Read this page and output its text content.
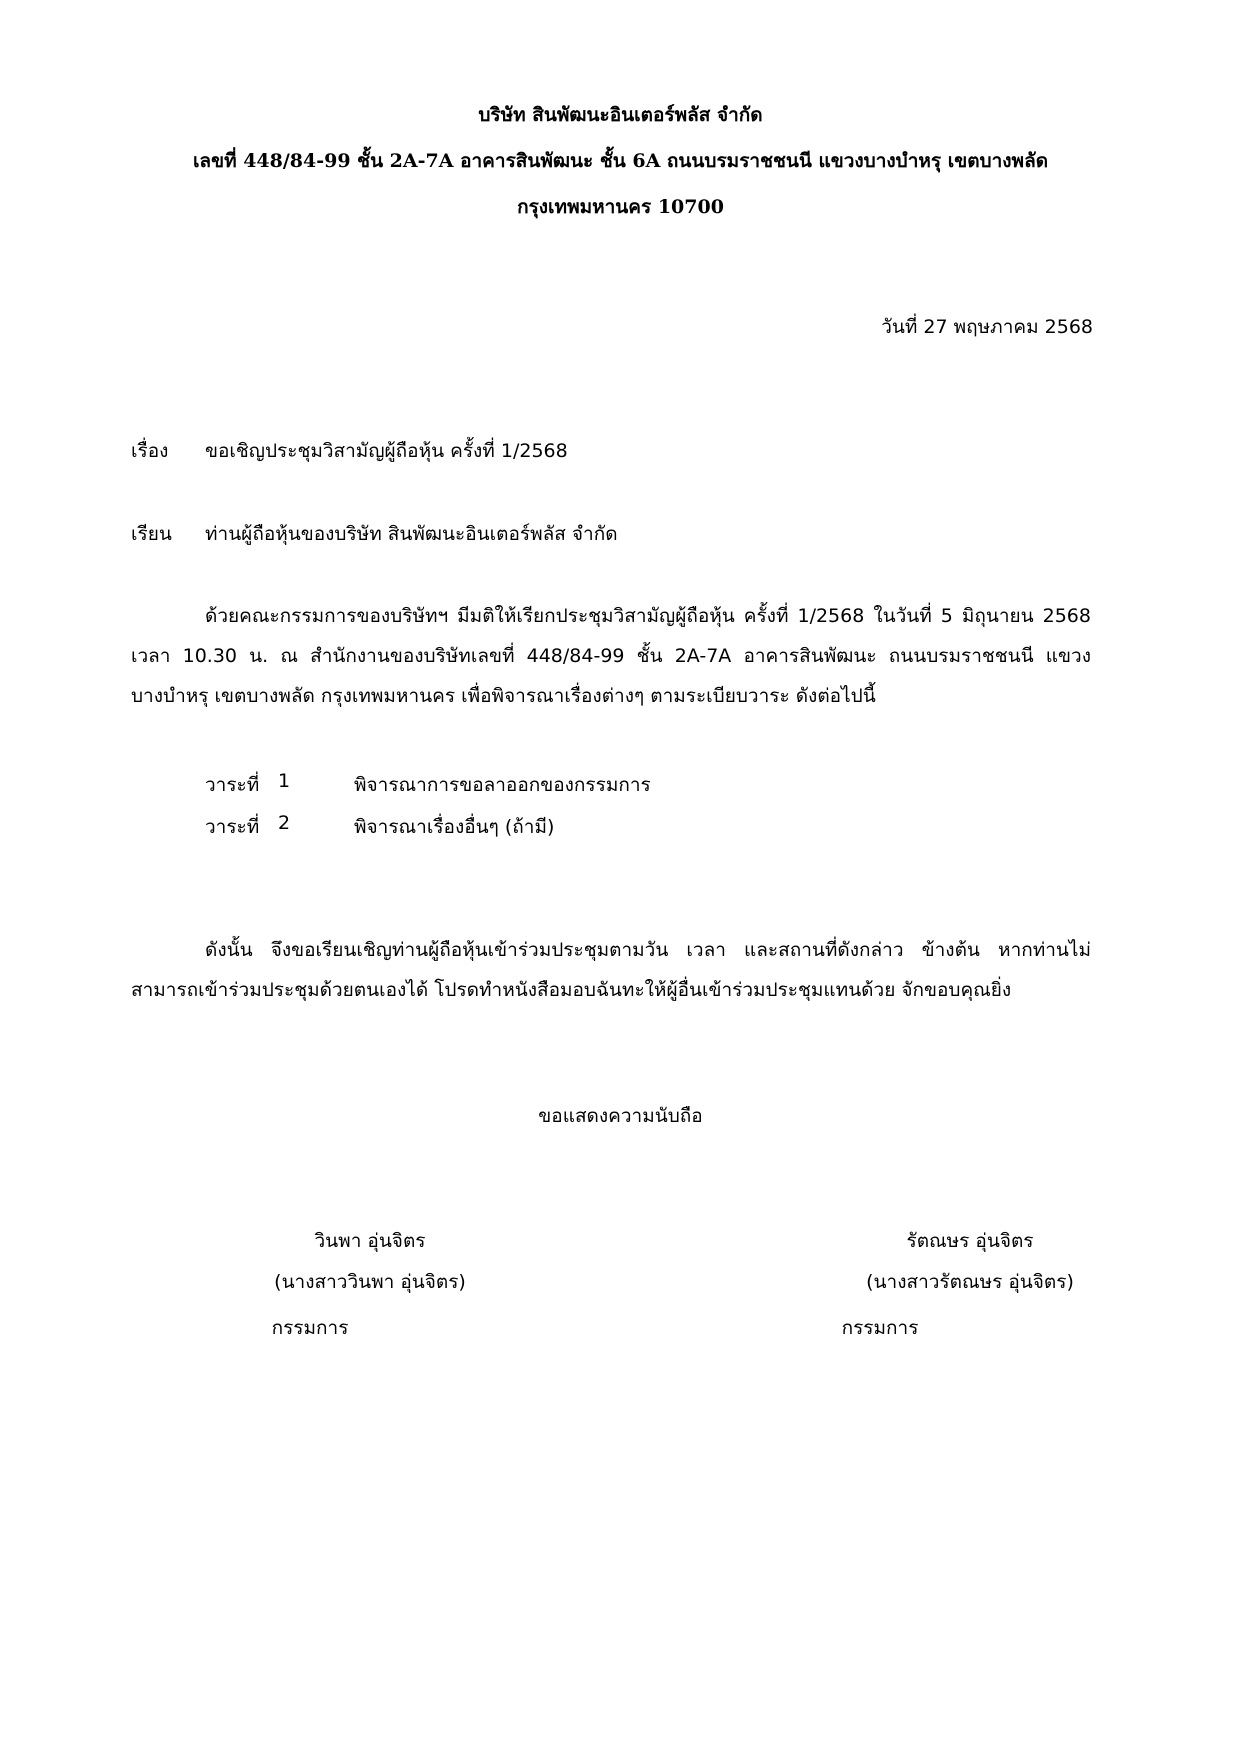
บริษัท สินพัฒนะอินเตอร์พลัส จำกัด
เลขที่ 448/84-99 ชั้น 2A-7A อาคารสินพัฒนะ ชั้น 6A ถนนบรมราชชนนี แขวงบางบำหรุ เขตบางพลัด
กรุงเทพมหานคร 10700
วันที่ 27 พฤษภาคม 2568
เรื่อง ขอเชิญประชุมวิสามัญผู้ถือหุ้น ครั้งที่ 1/2568
เรียน ท่านผู้ถือหุ้นของบริษัท สินพัฒนะอินเตอร์พลัส จำกัด
ด้วยคณะกรรมการของบริษัทฯ มีมติให้เรียกประชุมวิสามัญผู้ถือหุ้น ครั้งที่ 1/2568 ในวันที่ 5 มิถุนายน 2568 เวลา 10.30 น. ณ สำนักงานของบริษัทเลขที่ 448/84-99 ชั้น 2A-7A อาคารสินพัฒนะ ถนนบรมราชชนนี แขวงบางบำหรุ เขตบางพลัด กรุงเทพมหานคร เพื่อพิจารณาเรื่องต่างๆ ตามระเบียบวาระ ดังต่อไปนี้
วาระที่ 1	พิจารณาการขอลาออกของกรรมการ
วาระที่ 2	พิจารณาเรื่องอื่นๆ (ถ้ามี)
ดังนั้น จึงขอเรียนเชิญท่านผู้ถือหุ้นเข้าร่วมประชุมตามวัน เวลา และสถานที่ดังกล่าว ข้างต้น หากท่านไม่สามารถเข้าร่วมประชุมด้วยตนเองได้ โปรดทำหนังสือมอบฉันทะให้ผู้อื่นเข้าร่วมประชุมแทนด้วย จักขอบคุณยิ่ง
ขอแสดงความนับถือ
วินพา อุ่นจิตร
(นางสาววินพา อุ่นจิตร)
กรรมการ
รัตณษร อุ่นจิตร
(นางสาวรัตณษร อุ่นจิตร)
กรรมการ
